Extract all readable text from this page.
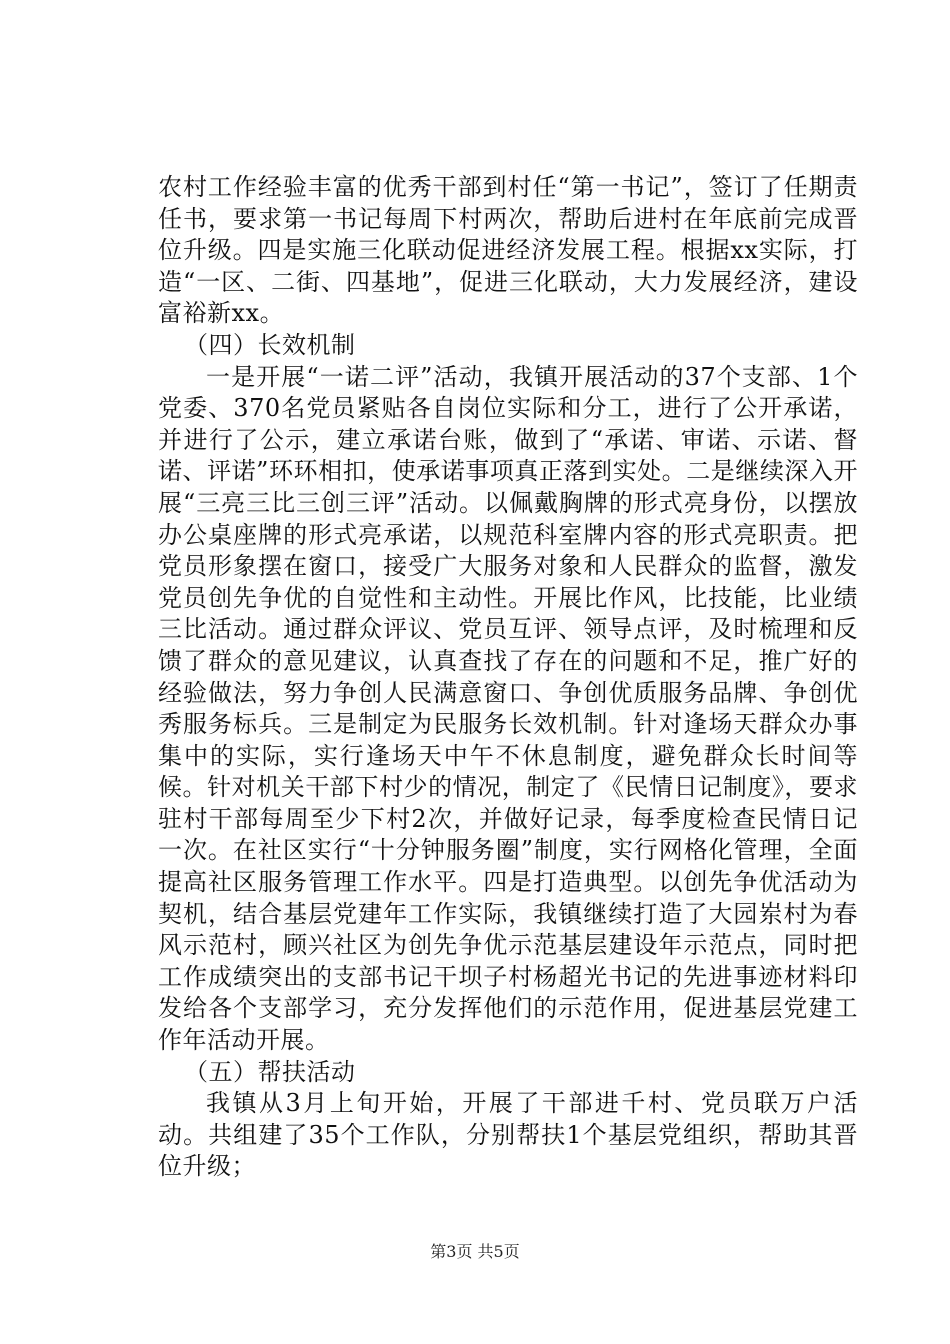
农村工作经验丰富的优秀干部到村任“第一书记”，签订了任期责任书，要求第一书记每周下村两次，帮助后进村在年底前完成晋位升级。四是实施三化联动促进经济发展工程。根据xx实际，打造“一区、二街、四基地”，促进三化联动，大力发展经济，建设富裕新xx。

（四）长效机制

一是开展“一诺二评”活动，我镇开展活动的37个支部、1个党委、370名党员紧贴各自岗位实际和分工，进行了公开承诺，并进行了公示，建立承诺台账，做到了“承诺、审诺、示诺、督诺、评诺”环环相扣，使承诺事项真正落到实处。二是继续深入开展“三亮三比三创三评”活动。以佩戴胸牌的形式亮身份，以摆放办公桌座牌的形式亮承诺，以规范科室牌内容的形式亮职责。把党员形象摆在窗口，接受广大服务对象和人民群众的监督，激发党员创先争优的自觉性和主动性。开展比作风，比技能，比业绩三比活动。通过群众评议、党员互评、领导点评，及时梳理和反馈了群众的意见建议，认真查找了存在的问题和不足，推广好的经验做法，努力争创人民满意窗口、争创优质服务品牌、争创优秀服务标兵。三是制定为民服务长效机制。针对逢场天群众办事集中的实际，实行逢场天中午不休息制度，避免群众长时间等候。针对机关干部下村少的情况，制定了《民情日记制度》，要求驻村干部每周至少下村2次，并做好记录，每季度检查民情日记一次。在社区实行“十分钟服务圈”制度，实行网格化管理，全面提高社区服务管理工作水平。四是打造典型。以创先争优活动为契机，结合基层党建年工作实际，我镇继续打造了大园岽村为春风示范村，顾兴社区为创先争优示范基层建设年示范点，同时把工作成绩突出的支部书记干坝子村杨超光书记的先进事迹材料印发给各个支部学习，充分发挥他们的示范作用，促进基层党建工作年活动开展。

（五）帮扶活动

我镇从3月上旬开始，开展了干部进千村、党员联万户活动。共组建了35个工作队，分别帮扶1个基层党组织，帮助其晋位升级；

第3页 共5页
